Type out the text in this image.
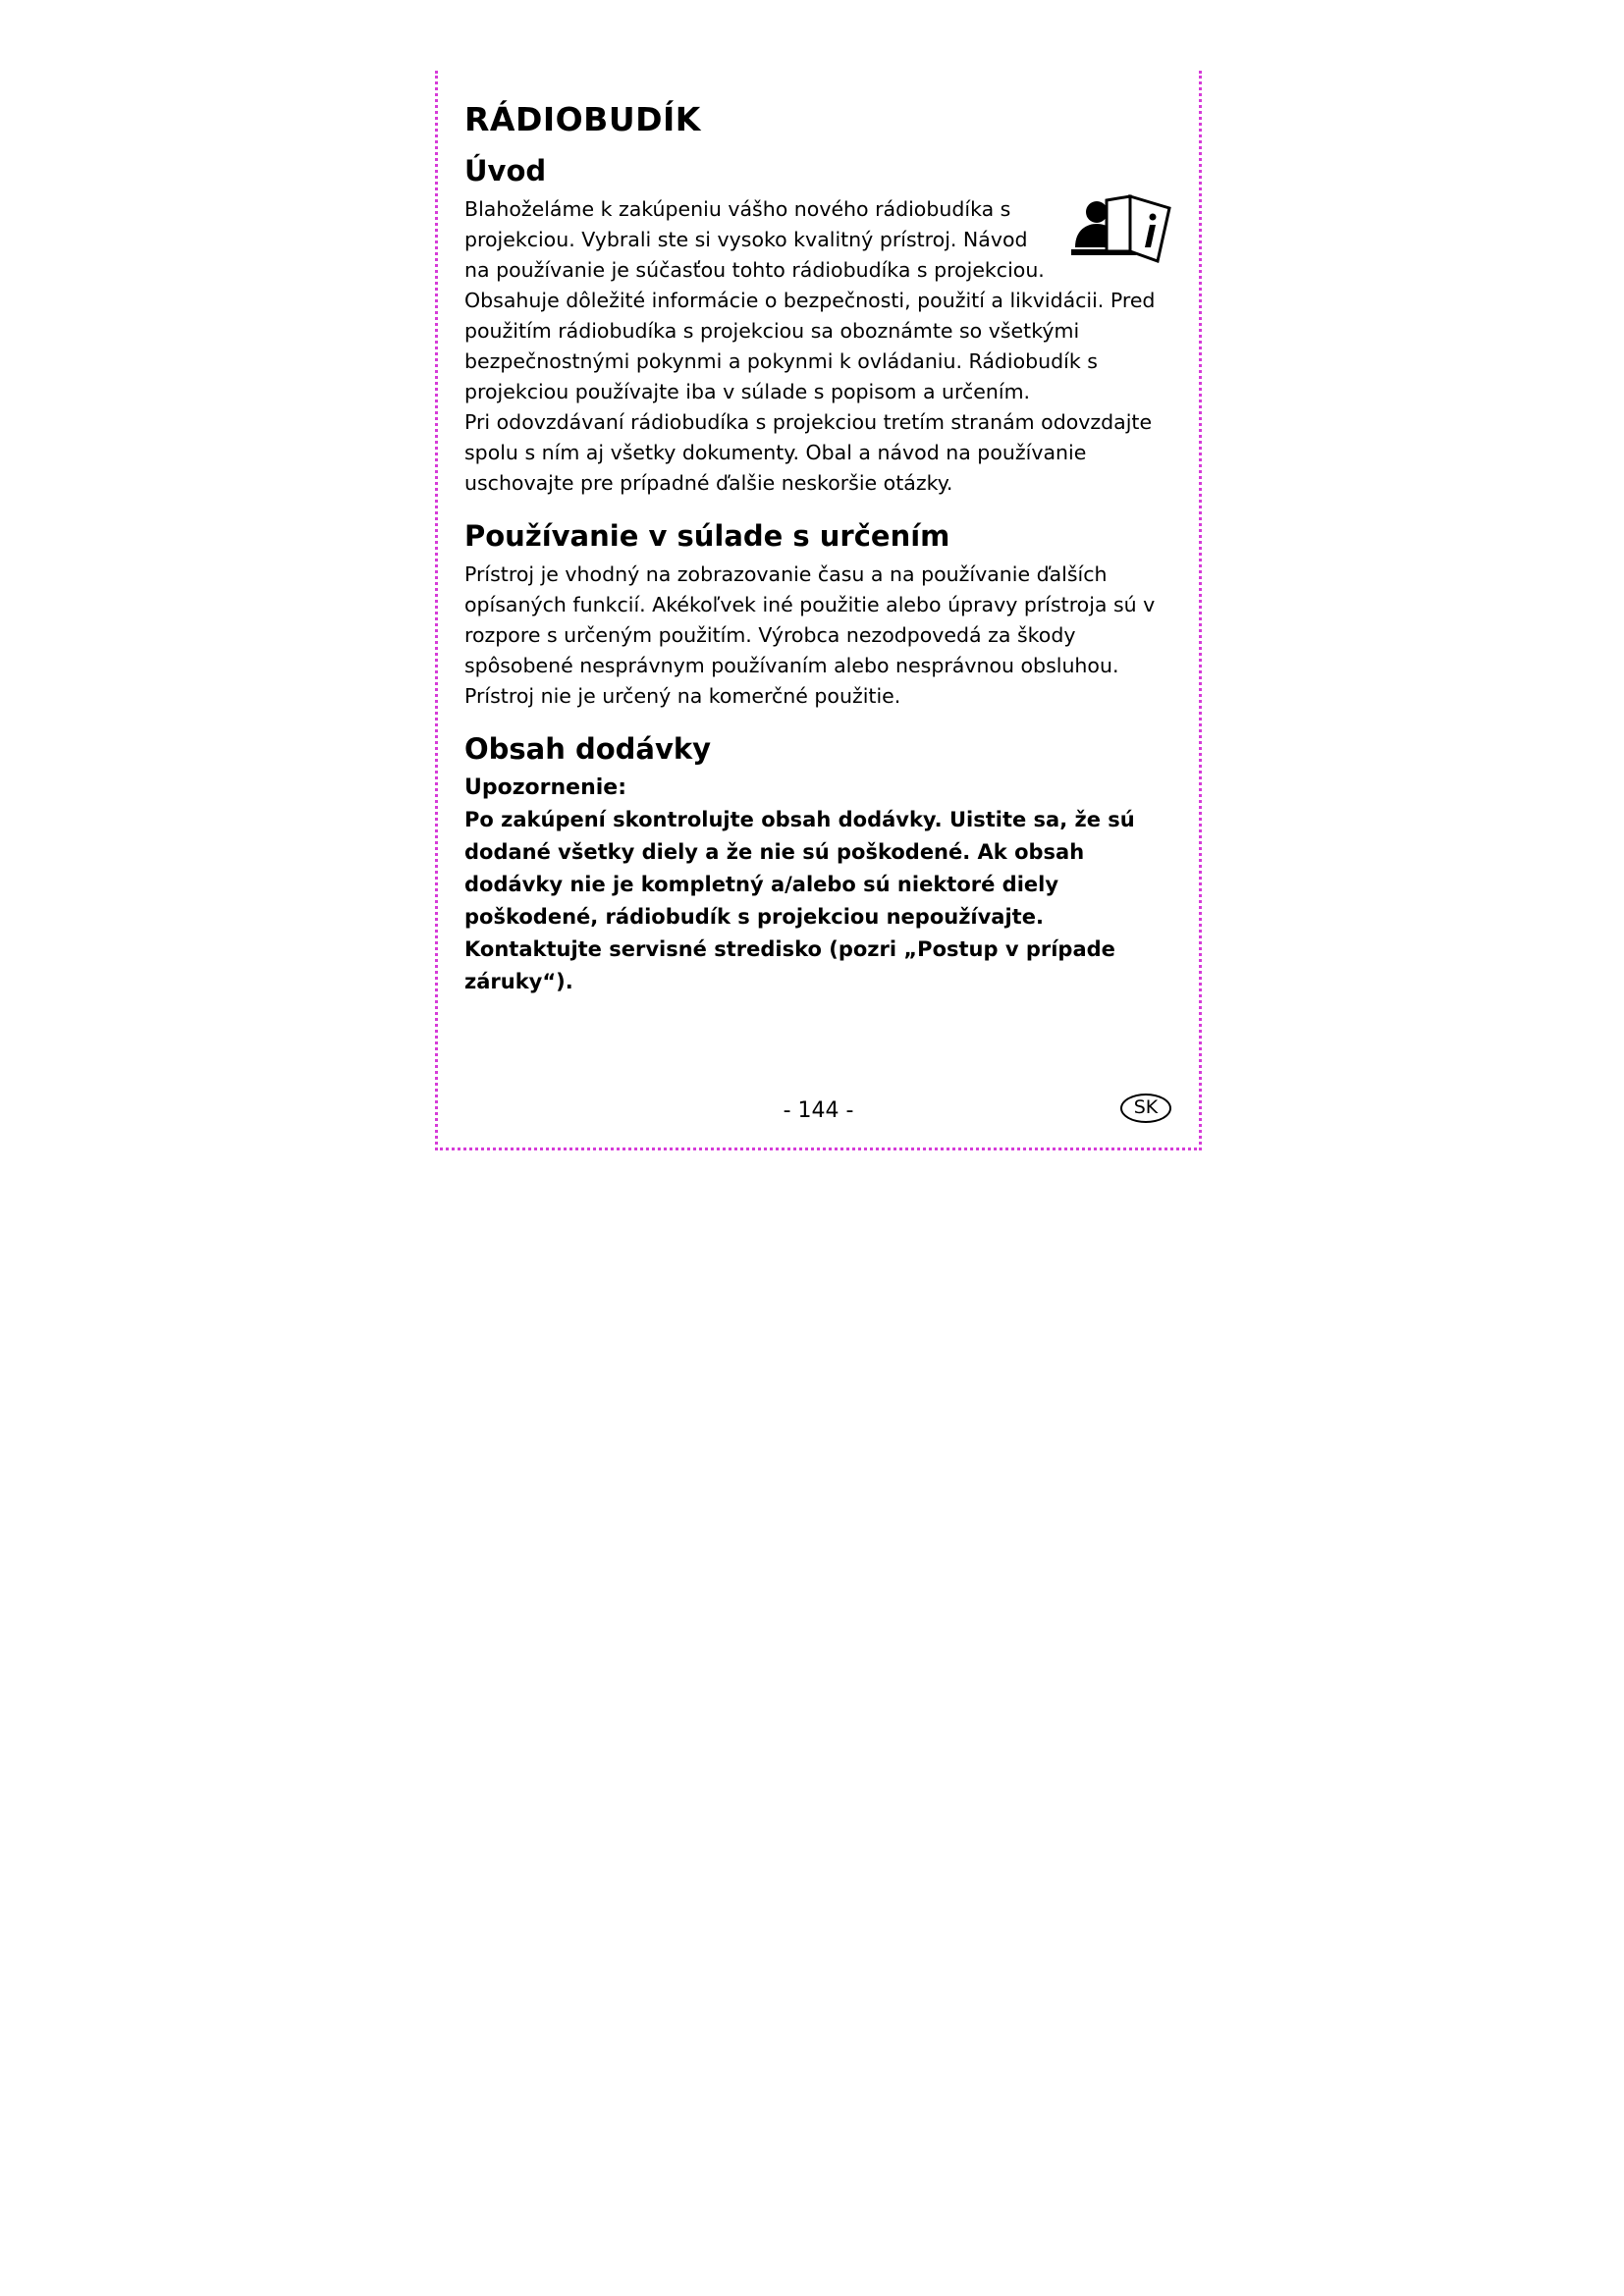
RÁDIOBUDÍK
Úvod

Blahoželáme k zakúpeniu vášho nového rádiobudíka s projekciou. Vybrali ste si vysoko kvalitný prístroj. Návod na používanie je súčasťou tohto rádiobudíka s projekciou. Obsahuje dôležité informácie o bezpečnosti, použití a likvidácii. Pred použitím rádiobudíka s projekciou sa oboznámte so všetkými bezpečnostnými pokynmi a pokynmi k ovládaniu. Rádiobudík s projekciou používajte iba v súlade s popisom a určením.

Pri odovzdávaní rádiobudíka s projekciou tretím stranám odovzdajte spolu s ním aj všetky dokumenty. Obal a návod na používanie uschovajte pre prípadné ďalšie neskoršie otázky.

Používanie v súlade s určením

Prístroj je vhodný na zobrazovanie času a na používanie ďalších opísaných funkcií. Akékoľvek iné použitie alebo úpravy prístroja sú v rozpore s určeným použitím. Výrobca nezodpovedá za škody spôsobené nesprávnym používaním alebo nesprávnou obsluhou. Prístroj nie je určený na komerčné použitie.

Obsah dodávky
Upozornenie:

Po zakúpení skontrolujte obsah dodávky. Uistite sa, že sú dodané všetky diely a že nie sú poškodené. Ak obsah dodávky nie je kompletný a/alebo sú niektoré diely poškodené, rádiobudík s projekciou nepoužívajte. Kontaktujte servisné stredisko (pozri „Postup v prípade záruky“).

- 144 -	SK
